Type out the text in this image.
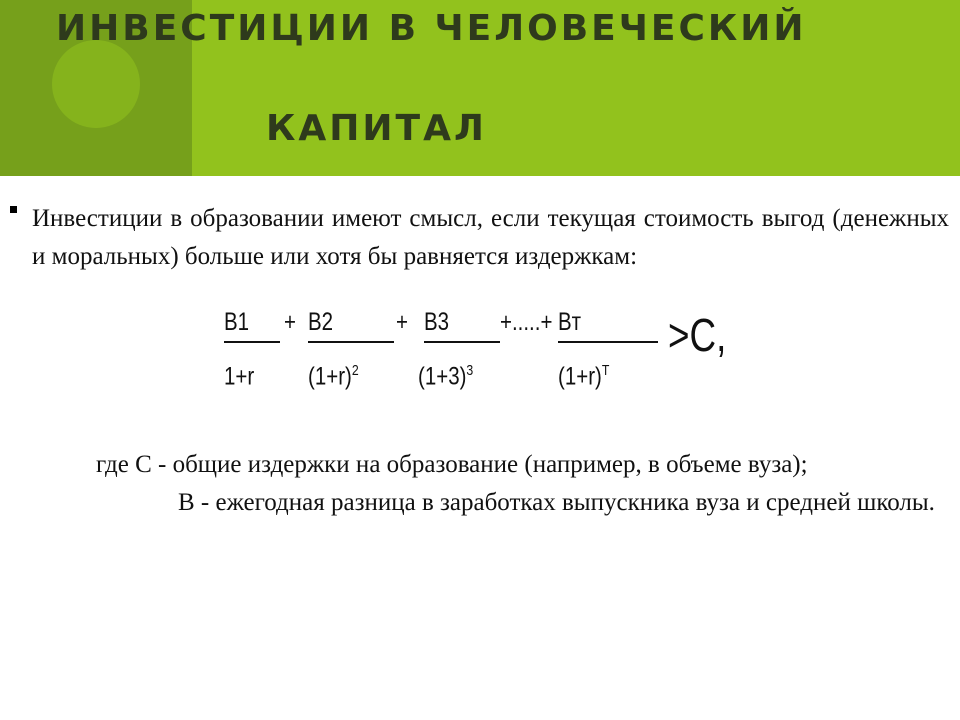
ИНВЕСТИЦИИ В ЧЕЛОВЕЧЕСКИЙ
КАПИТАЛ
Инвестиции в образовании имеют смысл, если текущая стоимость выгод (денежных и моральных) больше или хотя бы равняется издержкам:
B1 +
1+r
B2	+
$(1+r)^2$
B3 +.....+
$(1+3)^3$
Bт
$(1+r)^T$
>C,
где С - общие издержки на образование (например, в объеме вуза);
В - ежегодная разница в заработках выпускника вуза и средней школы.
